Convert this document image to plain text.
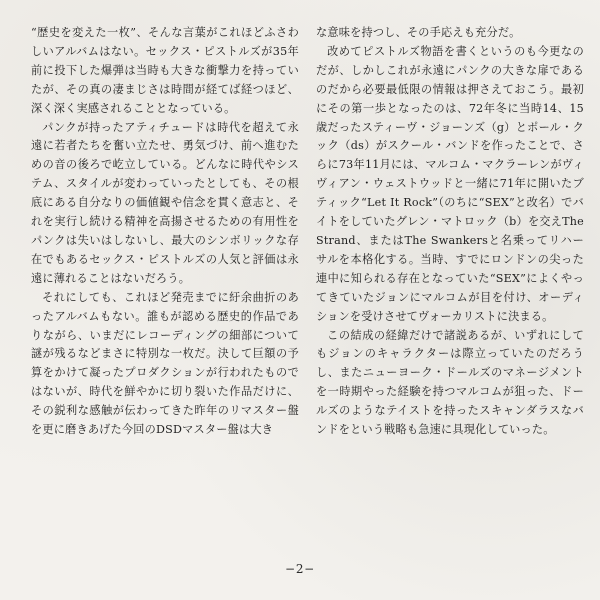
“歴史を変えた一枚”、そんな言葉がこれほどふさわしいアルバムはない。セックス・ピストルズが35年前に投下した爆弾は当時も大きな衝撃力を持っていたが、その真の凄まじさは時間が経てば経つほど、深く深く実感されることとなっている。

パンクが持ったアティチュードは時代を超えて永遠に若者たちを奮い立たせ、勇気づけ、前へ進むための音の後ろで屹立している。どんなに時代やシステム、スタイルが変わっていったとしても、その根底にある自分なりの価値観や信念を貫く意志と、それを実行し続ける精神を高揚させるための有用性をパンクは失いはしないし、最大のシンボリックな存在でもあるセックス・ピストルズの人気と評価は永遠に薄れることはないだろう。

それにしても、これほど発売までに紆余曲折のあったアルバムもない。誰もが認める歴史的作品でありながら、いまだにレコーディングの細部について謎が残るなどまさに特別な一枚だ。決して巨額の予算をかけて凝ったプロダクションが行われたものではないが、時代を鮮やかに切り裂いた作品だけに、その鋭利な感触が伝わってきた昨年のリマスター盤を更に磨きあげた今回のDSDマスター盤は大き

な意味を持つし、その手応えも充分だ。

改めてピストルズ物語を書くというのも今更なのだが、しかしこれが永遠にパンクの大きな扉であるのだから必要最低限の情報は押さえておこう。最初にその第一歩となったのは、72年冬に当時14、15歳だったスティーヴ・ジョーンズ（g）とポール・クック（ds）がスクール・バンドを作ったことで、さらに73年11月には、マルコム・マクラーレンがヴィヴィアン・ウェストウッドと一緒に71年に開いたブティック“Let It Rock”（のちに“SEX”と改名）でバイトをしていたグレン・マトロック（b）を交えThe Strand、またはThe Swankersと名乗ってリハーサルを本格化する。当時、すでにロンドンの尖った連中に知られる存在となっていた“SEX”によくやってきていたジョンにマルコムが目を付け、オーディションを受けさせてヴォーカリストに決まる。

この結成の経緯だけで諸説あるが、いずれにしてもジョンのキャラクターは際立っていたのだろうし、またニューヨーク・ドールズのマネージメントを一時期やった経験を持つマルコムが狙った、ドールズのようなテイストを持ったスキャンダラスなバンドをという戦略も急速に具現化していった。

−2−
